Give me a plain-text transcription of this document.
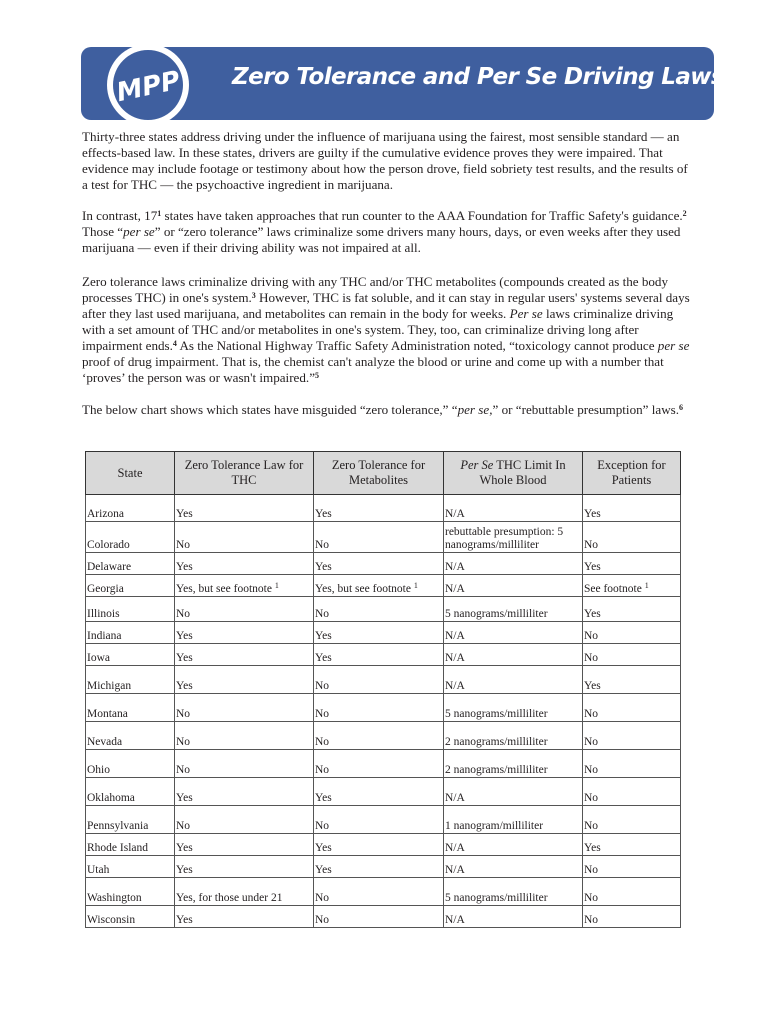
MPP Zero Tolerance and Per Se Driving Laws

Thirty-three states address driving under the influence of marijuana using the fairest, most sensible standard — an effects-based law. In these states, drivers are guilty if the cumulative evidence proves they were impaired. That evidence may include footage or testimony about how the person drove, field sobriety test results, and the results of a test for THC — the psychoactive ingredient in marijuana.

In contrast, $17^1$ states have taken approaches that run counter to the AAA Foundation for Traffic Safety's guidance.$^2$ Those “per se” or “zero tolerance” laws criminalize some drivers many hours, days, or even weeks after they used marijuana — even if their driving ability was not impaired at all.

Zero tolerance laws criminalize driving with any THC and/or THC metabolites (compounds created as the body processes THC) in one's system.$^3$ However, THC is fat soluble, and it can stay in regular users' systems several days after they last used marijuana, and metabolites can remain in the body for weeks. Per se laws criminalize driving with a set amount of THC and/or metabolites in one's system. They, too, can criminalize driving long after impairment ends.$^4$ As the National Highway Traffic Safety Administration noted, “toxicology cannot produce per se proof of drug impairment. That is, the chemist can't analyze the blood or urine and come up with a number that ‘proves’ the person was or wasn't impaired.”$^5$

The below chart shows which states have misguided “zero tolerance,” “per se,” or “rebuttable presumption” laws.$^6$

State	Zero Tolerance Law for THC	Zero Tolerance for Metabolites	Per Se THC Limit In Whole Blood	Exception for Patients
Arizona	Yes	Yes	N/A	Yes
Colorado	No	No	rebuttable presumption: 5 nanograms/milliliter	No
Delaware	Yes	Yes	N/A	Yes
Georgia	Yes, but see footnote $^1$	Yes, but see footnote $^1$	N/A	See footnote $^1$
Illinois	No	No	5 nanograms/milliliter	Yes
Indiana	Yes	Yes	N/A	No
Iowa	Yes	Yes	N/A	No
Michigan	Yes	No	N/A	Yes
Montana	No	No	5 nanograms/milliliter	No
Nevada	No	No	2 nanograms/milliliter	No
Ohio	No	No	2 nanograms/milliliter	No
Oklahoma	Yes	Yes	N/A	No
Pennsylvania	No	No	1 nanogram/milliliter	No
Rhode Island	Yes	Yes	N/A	Yes
Utah	Yes	Yes	N/A	No
Washington	Yes, for those under 21	No	5 nanograms/milliliter	No
Wisconsin	Yes	No	N/A	No
